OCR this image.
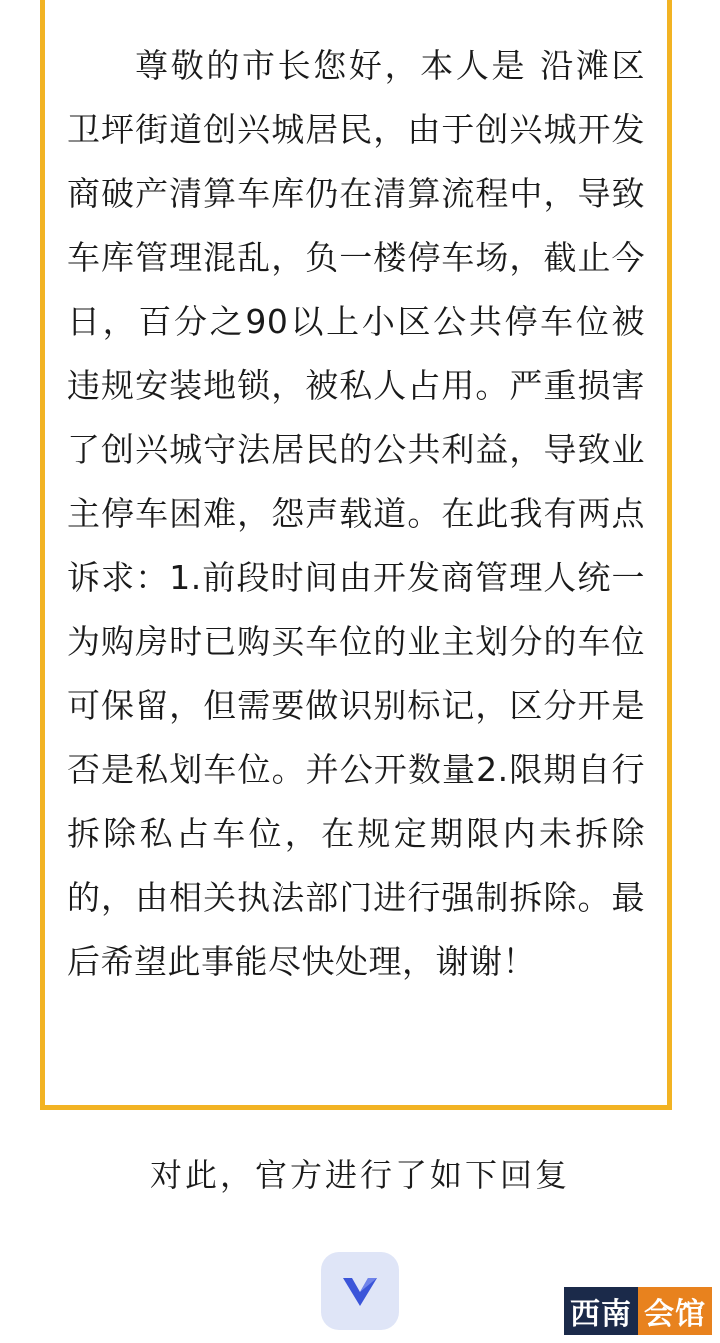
尊敬的市长您好，本人是 沿滩区卫坪街道创兴城居民，由于创兴城开发商破产清算车库仍在清算流程中，导致车库管理混乱，负一楼停车场，截止今日，百分之90以上小区公共停车位被违规安装地锁，被私人占用。严重损害了创兴城守法居民的公共利益，导致业主停车困难，怨声载道。在此我有两点诉求：1.前段时间由开发商管理人统一为购房时已购买车位的业主划分的车位可保留，但需要做识别标记，区分开是否是私划车位。并公开数量2.限期自行拆除私占车位，在规定期限内未拆除的，由相关执法部门进行强制拆除。最后希望此事能尽快处理，谢谢！
对此，官方进行了如下回复
西南 会馆
